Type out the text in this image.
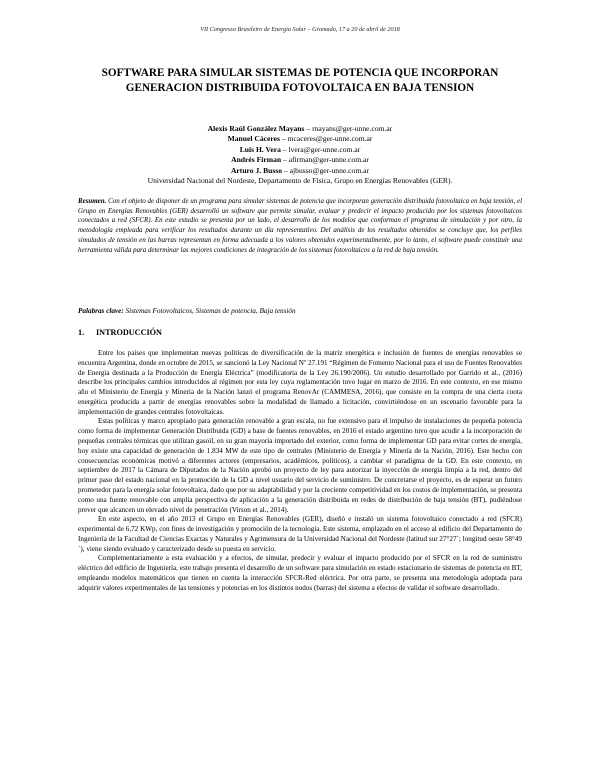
VII Congresso Brasileiro de Energia Solar – Gramado, 17 a 20 de abril de 2018
SOFTWARE PARA SIMULAR SISTEMAS DE POTENCIA QUE INCORPORAN GENERACION DISTRIBUIDA FOTOVOLTAICA EN BAJA TENSION
Alexis Raúl González Mayans – rnayans@ger-unne.com.ar
Manuel Cáceres – mcaceres@ger-unne.com.ar
Luis H. Vera – lvera@ger-unne.com.ar
Andrés Firman – afirman@ger-unne.com.ar
Arturo J. Busso – ajbusso@ger-unne.com.ar
Universidad Nacional del Nordeste, Departamento de Física, Grupo en Energías Renovables (GER).

Resumen. Con el objeto de disponer de un programa para simular sistemas de potencia que incorporan generación distribuida fotovoltaica en baja tensión, el Grupo en Energías Renovables (GER) desarrolló un software que permite simular, evaluar y predecir el impacto producido por los sistemas fotovoltaicos conectados a red (SFCR). En este estudio se presenta por un lado, el desarrollo de los modelos que conforman el programa de simulación y por otro, la metodología empleada para verificar los resultados durante un día representativo. Del análisis de los resultados obtenidos se concluye que, los perfiles simulados de tensión en las barras representan en forma adecuada a los valores obtenidos experimentalmente, por lo tanto, el software puede constituir una herramienta válida para determinar las mejores condiciones de integración de los sistemas fotovoltaicos a la red de baja tensión.

Palabras clave: Sistemas Fotovoltaicos, Sistemas de potencia, Baja tensión
1. INTRODUCCIÓN

Entre los países que implementan nuevas políticas de diversificación de la matriz energética e inclusión de fuentes de energías renovables se encuentra Argentina, donde en octubre de 2015, se sancionó la Ley Nacional Nº 27.191 “Régimen de Fomento Nacional para el uso de Fuentes Renovables de Energía destinada a la Producción de Energía Eléctrica” (modificatoria de la Ley 26.190/2006). Un estudio desarrollado por Garrido et al., (2016) describe los principales cambios introducidos al régimen por esta ley cuya reglamentación tuvo lugar en marzo de 2016. En este contexto, en ese mismo año el Ministerio de Energía y Minería de la Nación lanzó el programa RenovAr (CAMMESA, 2016), que consiste en la compra de una cierta cuota energética producida a partir de energías renovables sobre la modalidad de llamado a licitación, convirtiéndose en un escenario favorable para la implementación de grandes centrales fotovoltaicas.

Estas políticas y marco apropiado para generación renovable a gran escala, no fue extensivo para el impulso de instalaciones de pequeña potencia como forma de implementar Generación Distribuida (GD) a base de fuentes renovables, en 2016 el estado argentino tuvo que acudir a la incorporación de pequeñas centrales térmicas que utilizan gasoil, en su gran mayoría importado del exterior, como forma de implementar GD para evitar cortes de energía, hoy existe una capacidad de generación de 1.834 MW de este tipo de centrales (Ministerio de Energía y Minería de la Nación, 2016). Este hecho con consecuencias económicas motivó a diferentes actores (empresarios, académicos, políticos), a cambiar el paradigma de la GD. En este contexto, en septiembre de 2017 la Cámara de Diputados de la Nación aprobó un proyecto de ley para autorizar la inyección de energía limpia a la red, dentro del primer paso del estado nacional en la promoción de la GD a nivel usuario del servicio de suministro. De concretarse el proyecto, es de esperar un futuro prometedor para la energía solar fotovoltaica, dado que por su adaptabilidad y por la creciente competitividad en los costos de implementación, se presenta como una fuente renovable con amplia perspectiva de aplicación a la generación distribuida en redes de distribución de baja tensión (BT), pudiéndose prever que alcancen un elevado nivel de penetración (Virson et al., 2014).

En este aspecto, en el año 2013 el Grupo en Energías Renovables (GER), diseñó e instaló un sistema fotovoltaico conectado a red (SFCR) experimental de 6,72 KWp, con fines de investigación y promoción de la tecnología. Este sistema, emplazado en el acceso al edificio del Departamento de Ingeniería de la Facultad de Ciencias Exactas y Naturales y Agrimensura de la Universidad Nacional del Nordeste (latitud sur 27°27´; longitud oeste 58°49´), viene siendo evaluado y caracterizado desde su puesta en servicio.

Complementariamente a esta evaluación y a efectos, de simular, predecir y evaluar el impacto producido por el SFCR en la red de suministro eléctrico del edificio de Ingeniería, este trabajo presenta el desarrollo de un software para simulación en estado estacionario de sistemas de potencia en BT, empleando modelos matemáticos que tienen en cuenta la interacción SFCR-Red eléctrica. Por otra parte, se presenta una metodología adoptada para adquirir valores experimentales de las tensiones y potencias en los distintos nodos (barras) del sistema a efectos de validar el software desarrollado.
